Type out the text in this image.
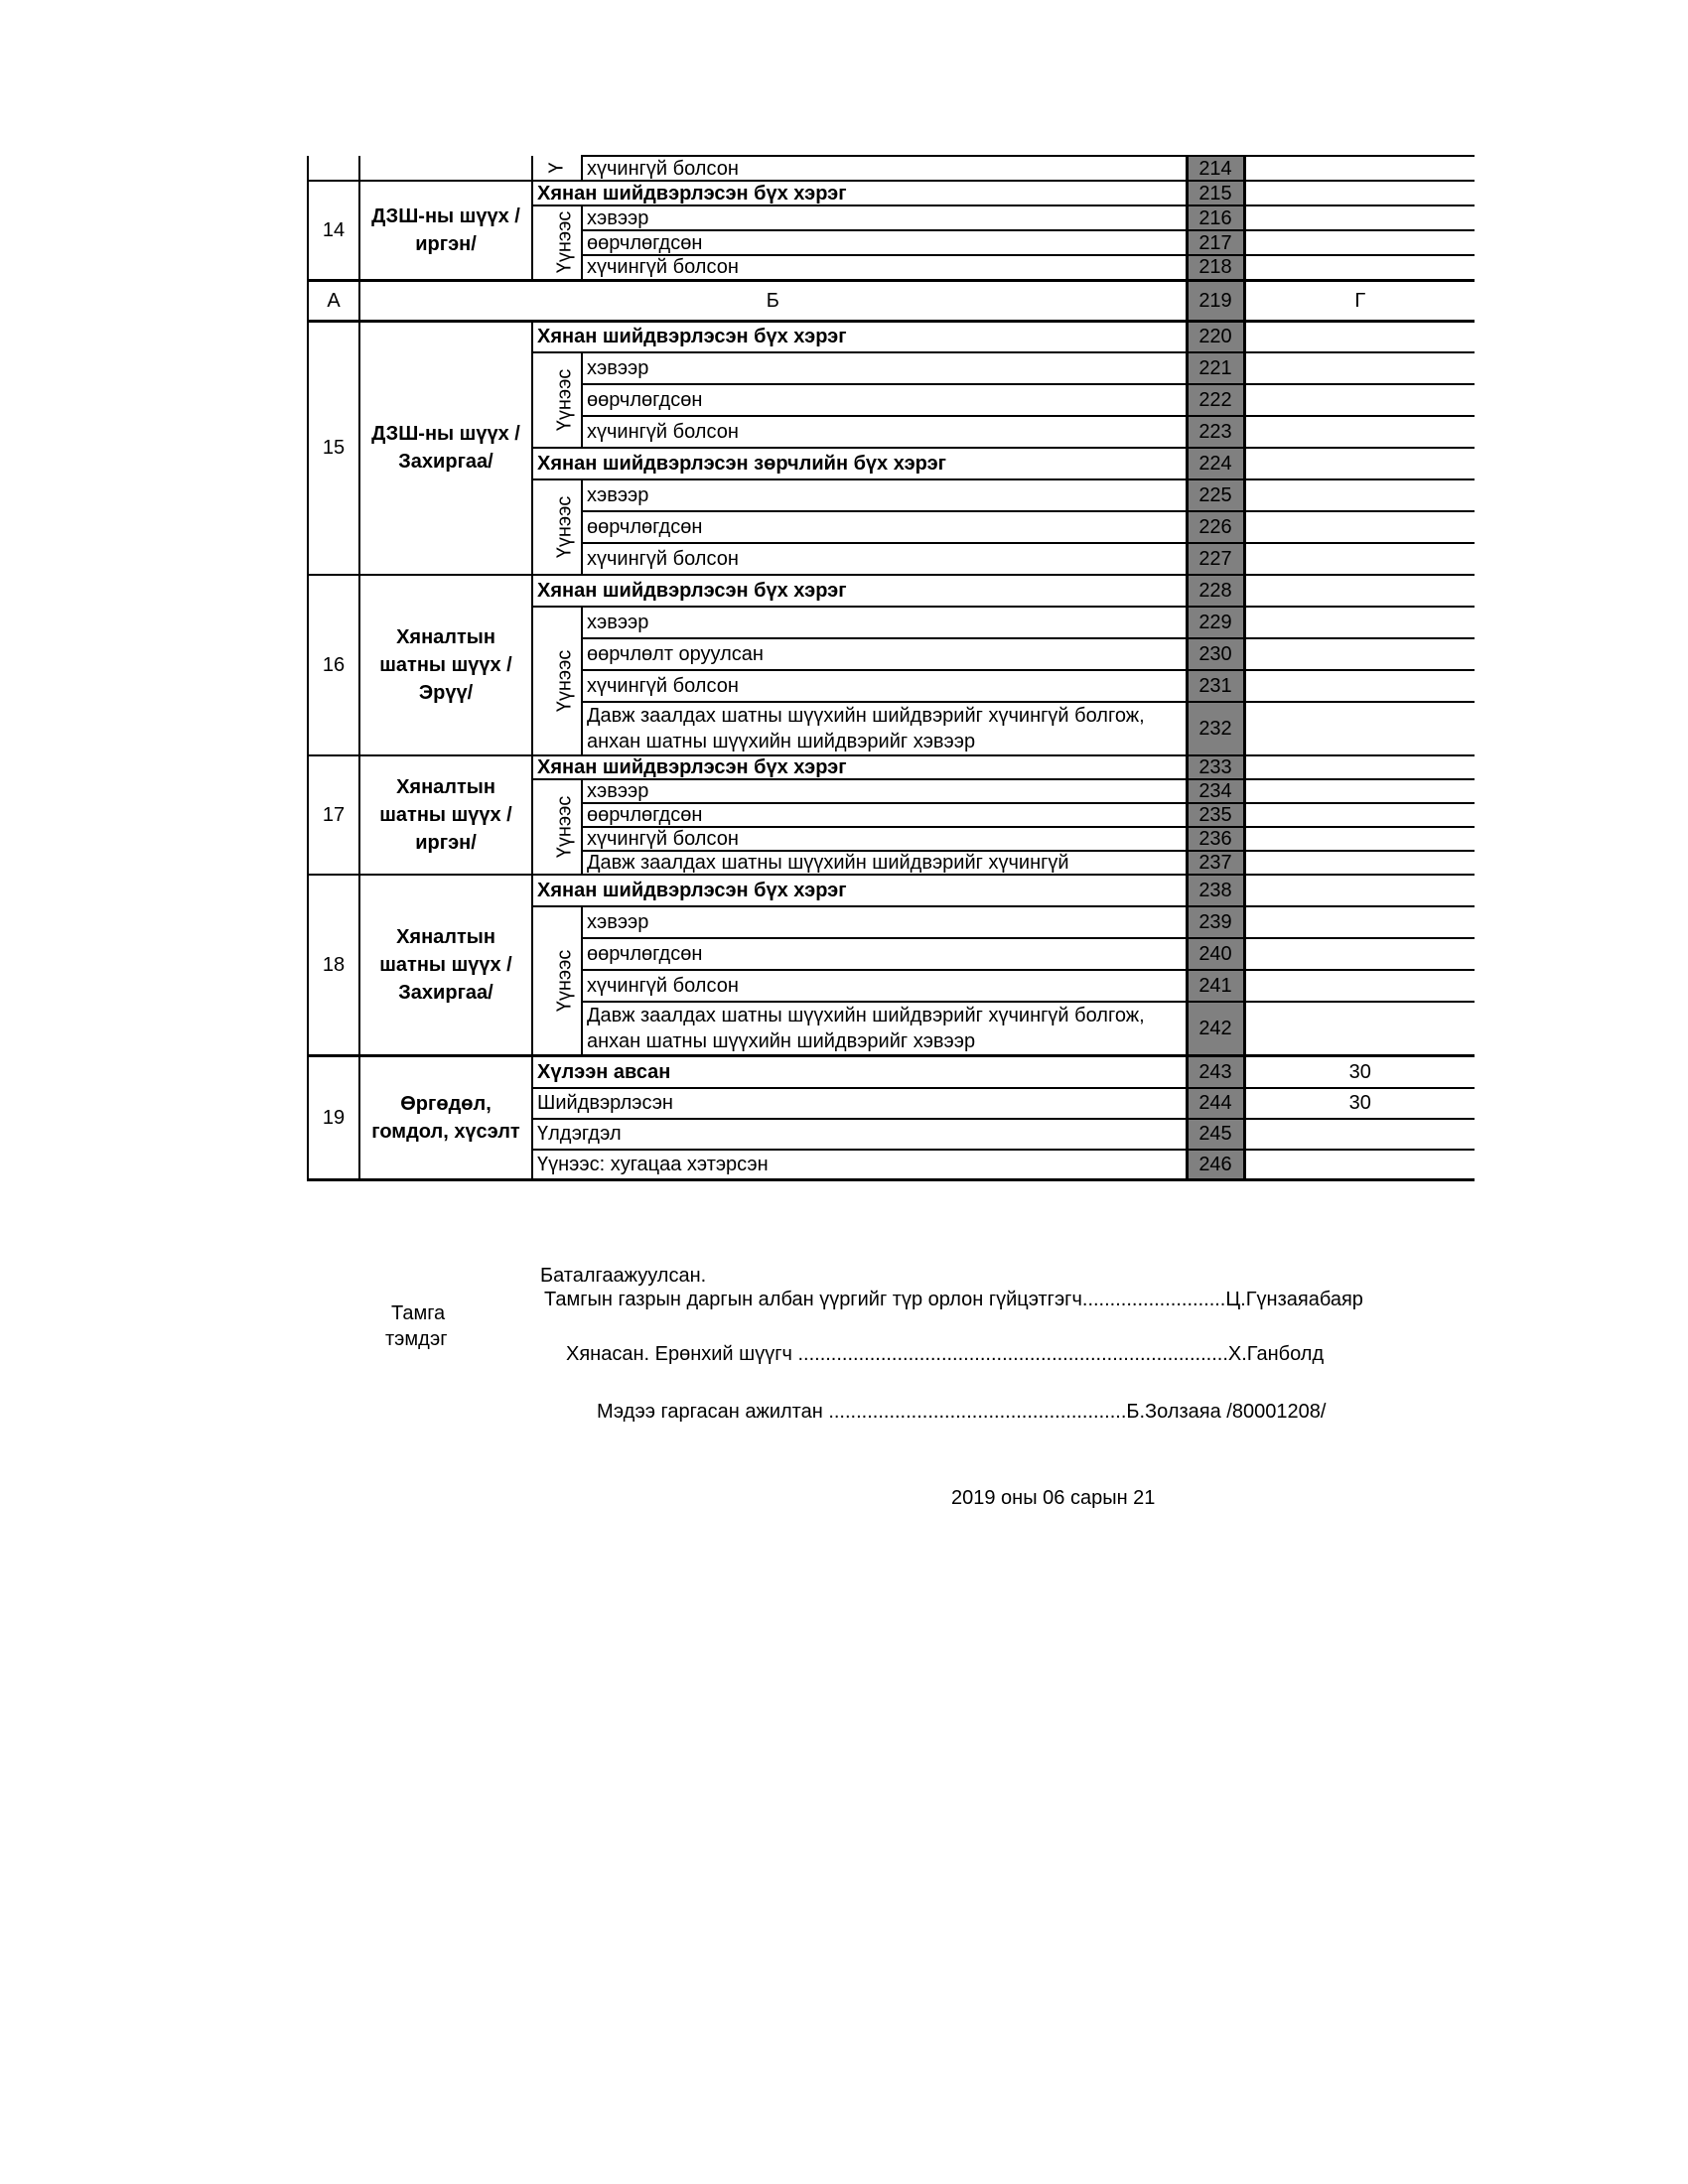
		Ү	хүчингүй болсон	214	
14	ДЗШ-ны шүүх /иргэн/	Хянан шийдвэрлэсэн бүх хэрэг		215	
		Үүнээс	хэвээр	216	
			өөрчлөгдсөн	217	
			хүчингүй болсон	218	
А	Б			219	Г
15	ДЗШ-ны шүүх /Захиргаа/	Хянан шийдвэрлэсэн бүх хэрэг		220	
		Үүнээс	хэвээр	221	
			өөрчлөгдсөн	222	
			хүчингүй болсон	223	
		Хянан шийдвэрлэсэн зөрчлийн бүх хэрэг		224	
		Үүнээс	хэвээр	225	
			өөрчлөгдсөн	226	
			хүчингүй болсон	227	
16	Хяналтын шатны шүүх /Эрүү/	Хянан шийдвэрлэсэн бүх хэрэг		228	
		Үүнээс	хэвээр	229	
			өөрчлөлт оруулсан	230	
			хүчингүй болсон	231	
			Давж заалдах шатны шүүхийн шийдвэрийг хүчингүй болгож, анхан шатны шүүхийн шийдвэрийг хэвээр	232	
17	Хяналтын шатны шүүх /иргэн/	Хянан шийдвэрлэсэн бүх хэрэг		233	
		Үүнээс	хэвээр	234	
			өөрчлөгдсөн	235	
			хүчингүй болсон	236	
			Давж заалдах шатны шүүхийн шийдвэрийг хүчингүй	237	
18	Хяналтын шатны шүүх /Захиргаа/	Хянан шийдвэрлэсэн бүх хэрэг		238	
		Үүнээс	хэвээр	239	
			өөрчлөгдсөн	240	
			хүчингүй болсон	241	
			Давж заалдах шатны шүүхийн шийдвэрийг хүчингүй болгож, анхан шатны шүүхийн шийдвэрийг хэвээр	242	
19	Өргөдөл, гомдол, хүсэлт	Хүлээн авсан		243	30
		Шийдвэрлэсэн		244	30
		Үлдэгдэл		245	
		Үүнээс: хугацаа хэтэрсэн		246	
Тамга
тэмдэг
Баталгаажуулсан.
Тамгын газрын даргын албан үүргийг түр орлон гүйцэтгэгч..........................Ц.Гүнзаяабаяр
Хянасан. Ерөнхий шүүгч ..............................................................................Х.Ганболд
Мэдээ гаргасан ажилтан ......................................................Б.Золзаяа /80001208/
2019 оны 06 сарын 21
